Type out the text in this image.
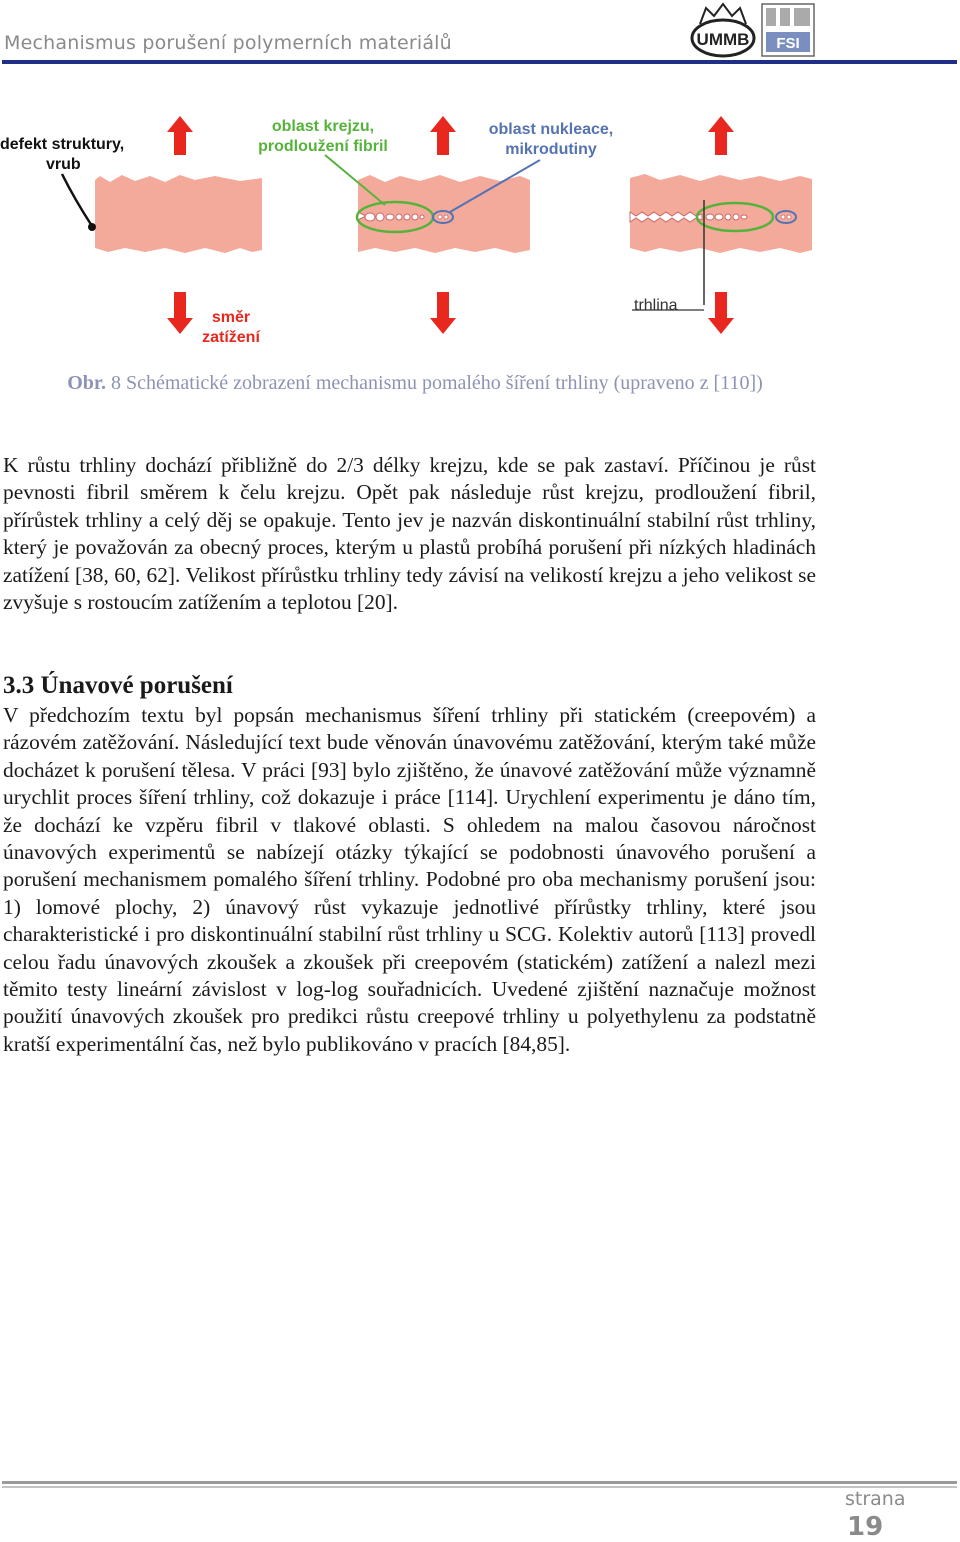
Mechanismus porušení polymerních materiálů	UMMB FSI
defekt struktury,
vrub
oblast krejzu,
prodloužení fibril
oblast nukleace,
mikrodutiny
směr
zatížení
trhlina
Obr. 8 Schématické zobrazení mechanismu pomalého šíření trhliny (upraveno z [110])
K růstu trhliny dochází přibližně do 2/3 délky krejzu, kde se pak zastaví. Příčinou je růst pevnosti fibril směrem k čelu krejzu. Opět pak následuje růst krejzu, prodloužení fibril, přírůstek trhliny a celý děj se opakuje. Tento jev je nazván diskontinuální stabilní růst trhliny, který je považován za obecný proces, kterým u plastů probíhá porušení při nízkých hladinách zatížení [38, 60, 62]. Velikost přírůstku trhliny tedy závisí na velikostí krejzu a jeho velikost se zvyšuje s rostoucím zatížením a teplotou [20].
3.3 Únavové porušení
V předchozím textu byl popsán mechanismus šíření trhliny při statickém (creepovém) a rázovém zatěžování. Následující text bude věnován únavovému zatěžování, kterým také může docházet k porušení tělesa. V práci [93] bylo zjištěno, že únavové zatěžování může významně urychlit proces šíření trhliny, což dokazuje i práce [114]. Urychlení experimentu je dáno tím, že dochází ke vzpěru fibril v tlakové oblasti. S ohledem na malou časovou náročnost únavových experimentů se nabízejí otázky týkající se podobnosti únavového porušení a porušení mechanismem pomalého šíření trhliny. Podobné pro oba mechanismy porušení jsou: 1) lomové plochy, 2) únavový růst vykazuje jednotlivé přírůstky trhliny, které jsou charakteristické i pro diskontinuální stabilní růst trhliny u SCG. Kolektiv autorů [113] provedl celou řadu únavových zkoušek a zkoušek při creepovém (statickém) zatížení a nalezl mezi těmito testy lineární závislost v log-log souřadnicích. Uvedené zjištění naznačuje možnost použití únavových zkoušek pro predikci růstu creepové trhliny u polyethylenu za podstatně kratší experimentální čas, než bylo publikováno v pracích [84,85].
strana
19
